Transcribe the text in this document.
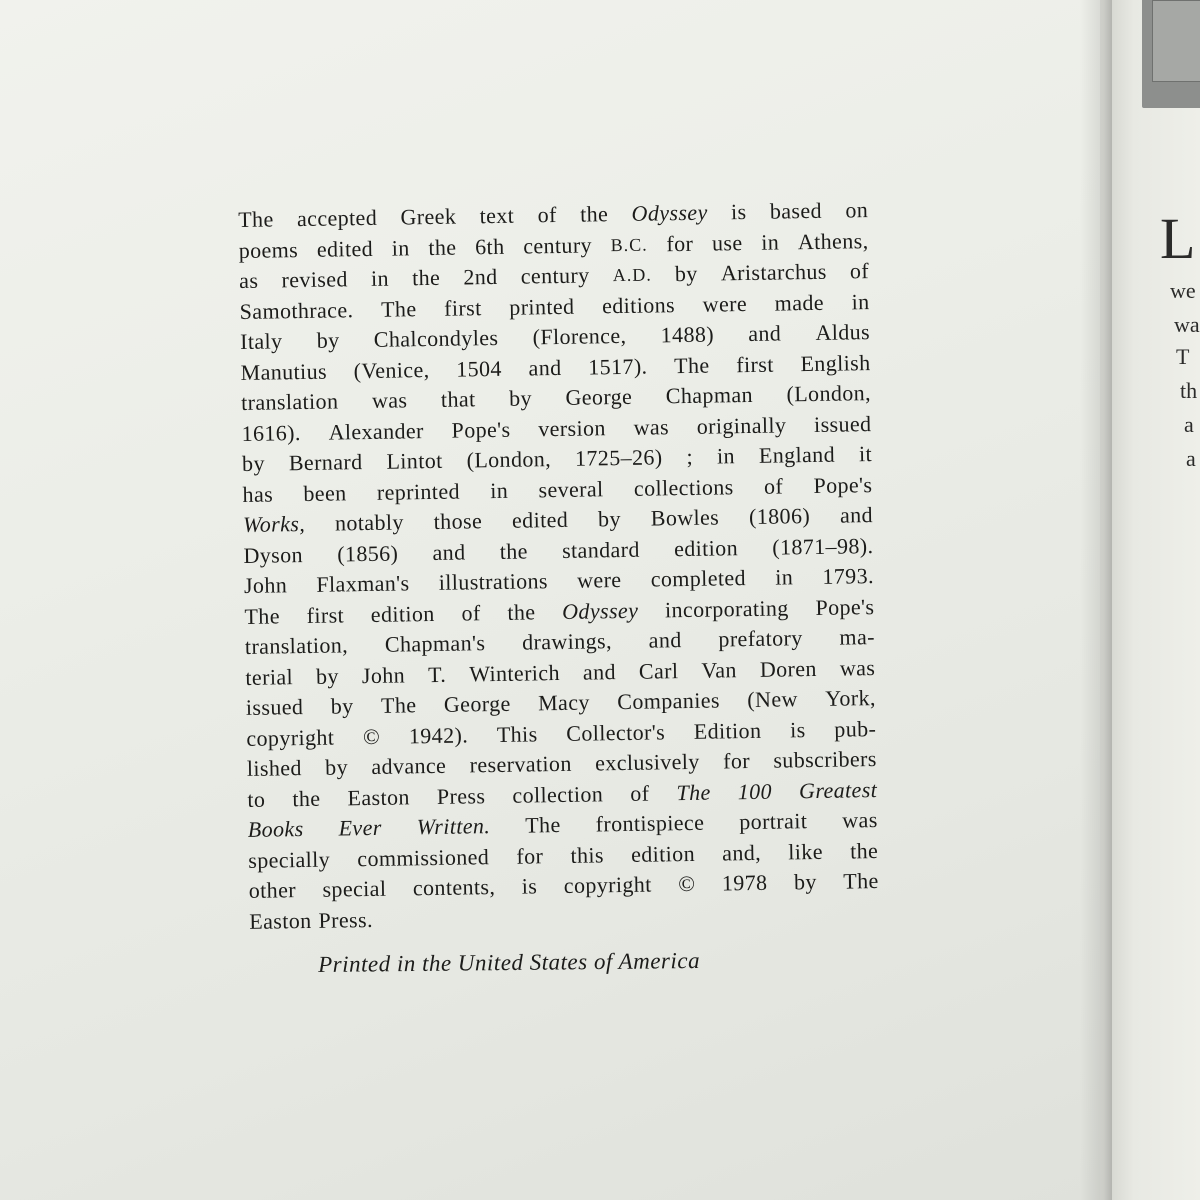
The accepted Greek text of the Odyssey is based on
poems edited in the 6th century B.C. for use in Athens,
as revised in the 2nd century A.D. by Aristarchus of
Samothrace. The first printed editions were made in
Italy by Chalcondyles (Florence, 1488) and Aldus
Manutius (Venice, 1504 and 1517). The first English
translation was that by George Chapman (London,
1616). Alexander Pope's version was originally issued
by Bernard Lintot (London, 1725–26) ; in England it
has been reprinted in several collections of Pope's
Works, notably those edited by Bowles (1806) and
Dyson (1856) and the standard edition (1871–98).
John Flaxman's illustrations were completed in 1793.
The first edition of the Odyssey incorporating Pope's
translation, Chapman's drawings, and prefatory ma-
terial by John T. Winterich and Carl Van Doren was
issued by The George Macy Companies (New York,
copyright © 1942). This Collector's Edition is pub-
lished by advance reservation exclusively for subscribers
to the Easton Press collection of The 100 Greatest
Books Ever Written. The frontispiece portrait was
specially commissioned for this edition and, like the
other special contents, is copyright © 1978 by The
Easton Press.
Printed in the United States of America
L
we
wa
T
th
a
a
